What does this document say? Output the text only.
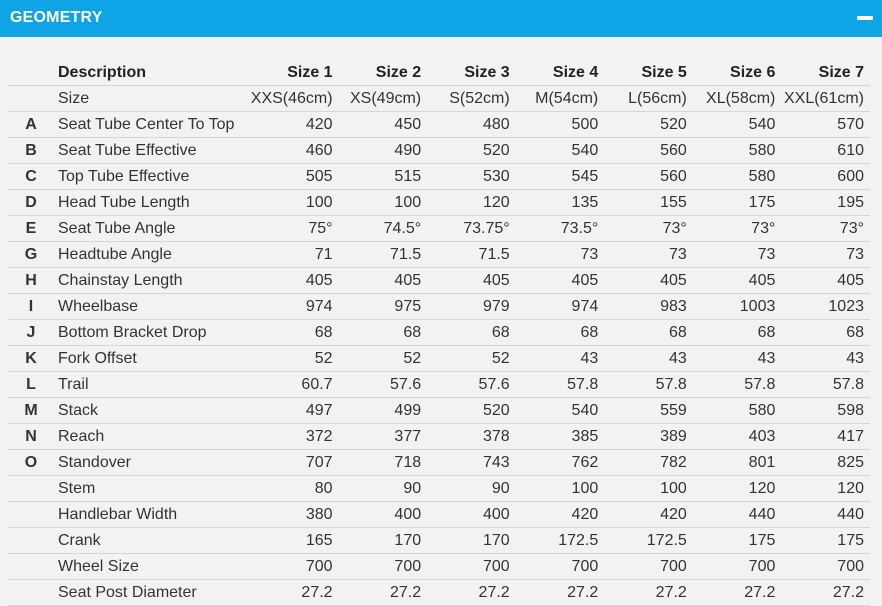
GEOMETRY
	Description	Size 1	Size 2	Size 3	Size 4	Size 5	Size 6	Size 7
	Size	XXS(46cm)	XS(49cm)	S(52cm)	M(54cm)	L(56cm)	XL(58cm)	XXL(61cm)
A	Seat Tube Center To Top	420	450	480	500	520	540	570
B	Seat Tube Effective	460	490	520	540	560	580	610
C	Top Tube Effective	505	515	530	545	560	580	600
D	Head Tube Length	100	100	120	135	155	175	195
E	Seat Tube Angle	75°	74.5°	73.75°	73.5°	73°	73°	73°
G	Headtube Angle	71	71.5	71.5	73	73	73	73
H	Chainstay Length	405	405	405	405	405	405	405
I	Wheelbase	974	975	979	974	983	1003	1023
J	Bottom Bracket Drop	68	68	68	68	68	68	68
K	Fork Offset	52	52	52	43	43	43	43
L	Trail	60.7	57.6	57.6	57.8	57.8	57.8	57.8
M	Stack	497	499	520	540	559	580	598
N	Reach	372	377	378	385	389	403	417
O	Standover	707	718	743	762	782	801	825
	Stem	80	90	90	100	100	120	120
	Handlebar Width	380	400	400	420	420	440	440
	Crank	165	170	170	172.5	172.5	175	175
	Wheel Size	700	700	700	700	700	700	700
	Seat Post Diameter	27.2	27.2	27.2	27.2	27.2	27.2	27.2
